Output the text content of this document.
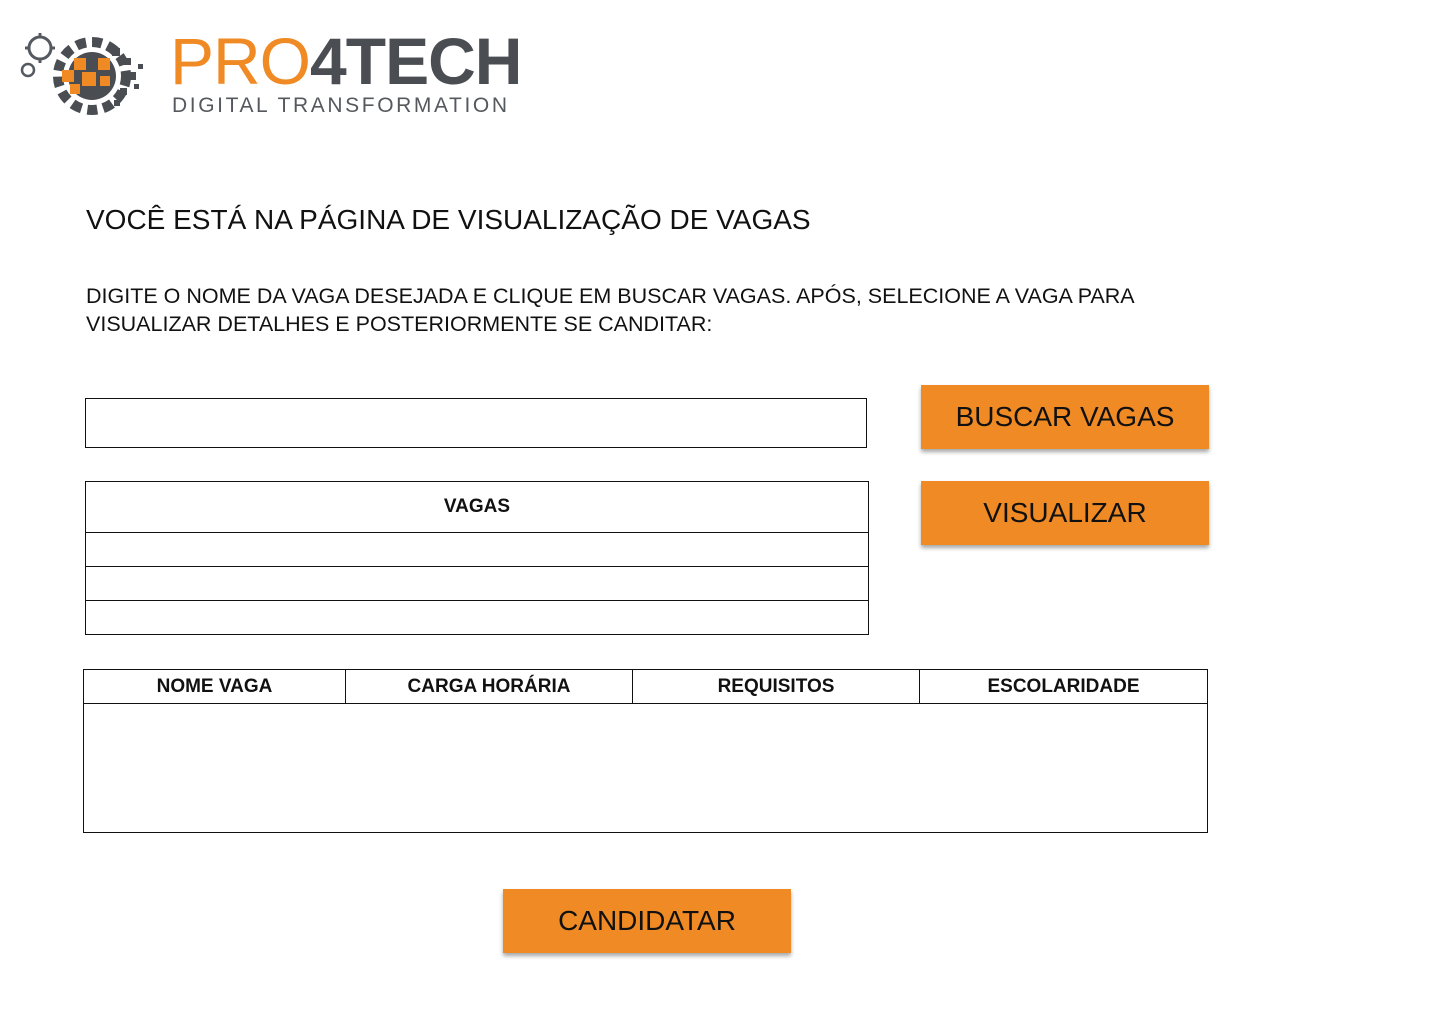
PRO4TECH
DIGITAL TRANSFORMATION
VOCÊ ESTÁ NA PÁGINA DE VISUALIZAÇÃO DE VAGAS

DIGITE O NOME DA VAGA DESEJADA E CLIQUE EM BUSCAR VAGAS. APÓS, SELECIONE A VAGA PARA VISUALIZAR DETALHES E POSTERIORMENTE SE CANDITAR:

BUSCAR VAGAS
VISUALIZAR
VAGAS

NOME VAGA	CARGA HORÁRIA	REQUISITOS	ESCOLARIDADE

CANDIDATAR
